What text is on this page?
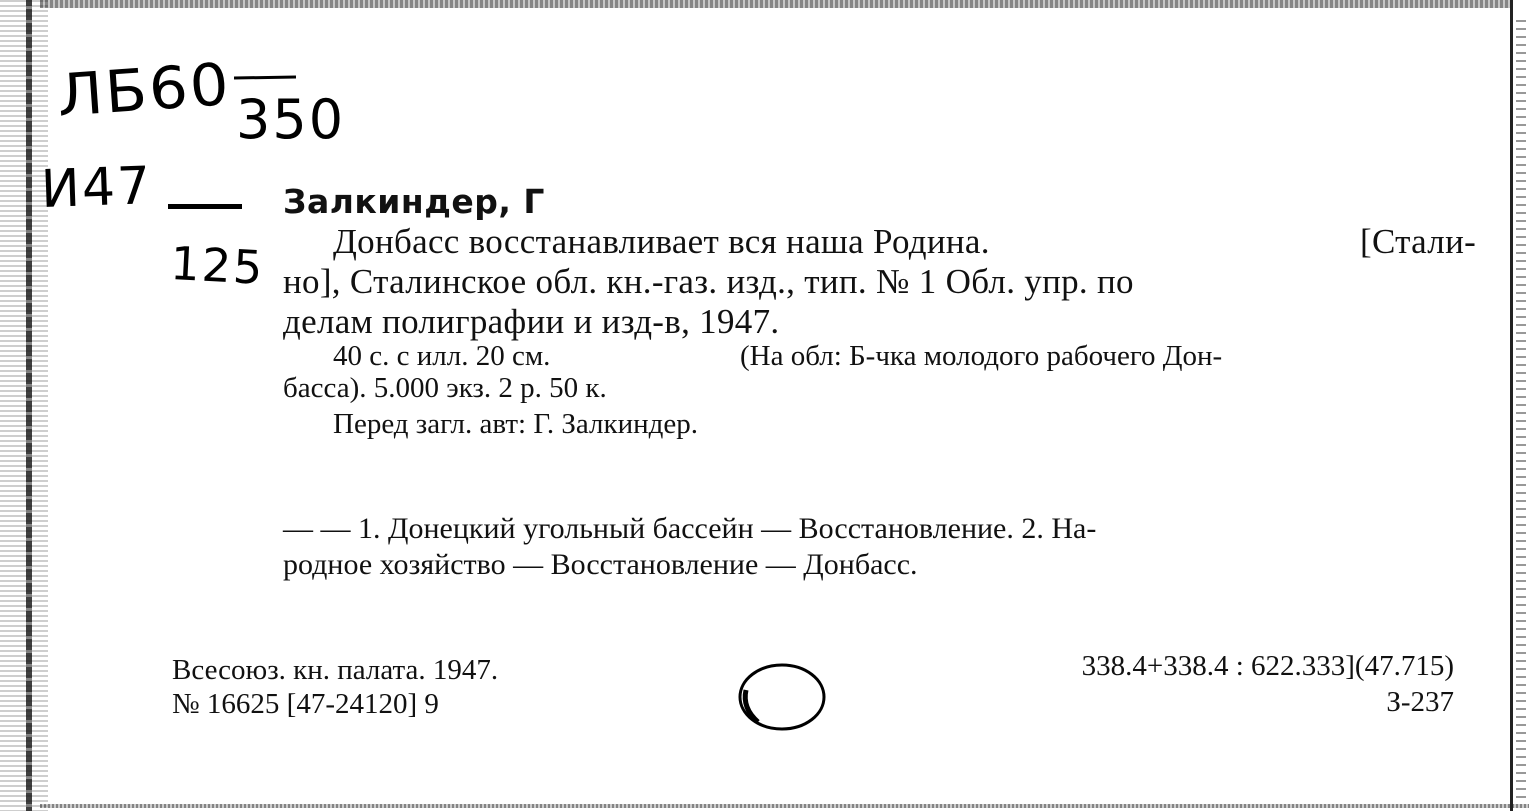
ЛБ60 350
И47
125
Залкиндер, Г
Донбасс восстанавливает вся наша Родина.	[Стали-
но], Сталинское обл. кн.-газ. изд., тип. № 1 Обл. упр. по
делам полиграфии и изд-в, 1947.
40 с. с илл. 20 см.	(На обл: Б-чка молодого рабочего Дон-
басса). 5.000 экз. 2 р. 50 к.
Перед загл. авт: Г. Залкиндер.
— — 1. Донецкий угольный бассейн — Восстановление. 2. На-
родное хозяйство — Восстановление — Донбасс.
Всесоюз. кн. палата. 1947.
№ 16625 [47-24120] 9
338.4+338.4 : 622.333](47.715)
З-237
